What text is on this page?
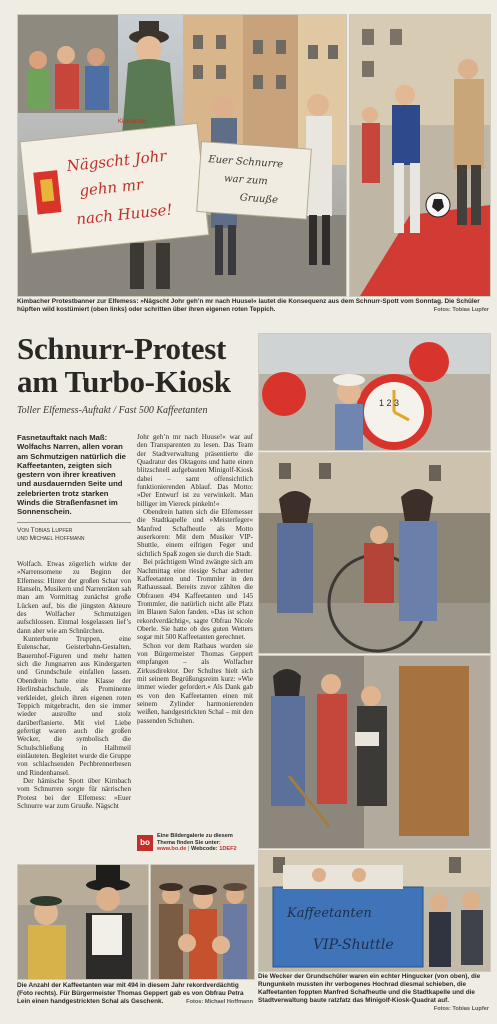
Nägscht Johr
gehn mr
nach Huuse!
Euer Schnurre
war zum
Gruuße
Kimbacher
Kimbacher Protestbanner zur Elfemess: »Nägscht Johr geh’n mr nach Huusel« lautet die Konsequenz aus dem Schnurr-Spott vom Sonntag. Die Schüler hüpften wild kostümiert (oben links) oder schritten über ihren eigenen roten Teppich.	Fotos: Tobias Lupfer
Schnurr-Protest
am Turbo-Kiosk
Toller Elfemess-Auftakt / Fast 500 Kaffeetanten
Fasnetauftakt nach Maß: Wolfachs Narren, allen voran am Schmutzigen natürlich die Kaffeetanten, zeigten sich gestern von ihrer kreativen und ausdauernden Seite und zelebrierten trotz starken Winds die Straßenfasnet im Sonnenschein.
Von Tobias Lupfer
und Michael Hoffmann

Wolfach. Etwas zögerlich wirkte der »Narrensomene zu Beginn der Elfemess: Hinter der großen Schar von Hanseln, Musikern und Narrenräten sah man am Vormittag zunächst große Lücken auf, bis die jüngsten Akteure des Wolfacher Schmutzigen aufschlossen. Einmal losgelassen lief’s dann aber wie am Schnürchen.

Kunterbunte Truppen, eine Eulenschar, Geisterbahn-Gestalten, Bauernhof-Figuren und mehr hatten sich die Jungnarren aus Kindergarten und Grundschule einfallen lassen. Obendrein hatte eine Klasse der Herlinsbachschule, als Prominente verkleidet, gleich ihren eigenen roten Teppich mitgebracht, den sie immer wieder ausrollte und stolz darüberflanierte. Mit viel Liebe gefertigt waren auch die großen Wecker, die symbolisch die Schulschließung in Halbmeil einläuteten. Begleitet wurde die Gruppe von schlachsenden Pechbrennerbesen und Rindenhansel.

Der hämische Spott über Kirnbach vom Schnurren sorgte für närrischen Protest bei der Elfemess: »Euer Schnurre war zum Gruuße. Nägscht

Johr geh’n mr nach Huuse!« war auf den Transparenten zu lesen. Das Team der Stadtverwaltung präsentierte die Quadratur des Oktagons und hatte einen blitzschnell aufgebauten Minigolf-Kiosk dabei – samt offensichtlich funktionierenden Ablauf. Das Motto: »Der Entwurf ist zu verwinkelt. Man billiger im Viereck pinkeln!«

Obendrein hatten sich die Elfemesser die Stadtkapelle und »Meisterfeger« Manfred Schafheutle als Motto auserkoren: Mit dem Musiker VIP-Shuttle, einem eifrigen Feger und sichtlich Spaß zogen sie durch die Stadt.

Bei prächtigem Wind zwängte sich am Nachmittag eine riesige Schar adretter Kaffeetanten und Trommler in den Rathaussaal. Bereits zuvor zählten die Obfrauen 494 Kaffeetanten und 145 Trommler, die natürlich nicht alle Platz im Blauen Salon fanden. »Das ist schon rekordverdächtig«, sagte Obfrau Nicole Oberle. Sie hatte ob des guten Wetters sogar mit 500 Kaffeetanten gerechnet.

Schon vor dem Rathaus wurden sie von Bürgermeister Thomas Geppert empfangen – als Wolfacher Zirkusdirektor. Der Schultes hielt sich mit seinem Begrüßungsreim kurz: »Wie immer wieder gefordert.« Als Dank gab es von den Kaffeetanten einen mit seinem Zylinder harmonierenden weißen, handgestrickten Schal – mit den passenden Schuhen.

bo
Eine Bildergalerie zu diesem
Thema finden Sie unter:
www.bo.de | Webcode: 1DEF2
1 2 3
Kaffeetanten
VIP-Shuttle
Die Wecker der Grundschüler waren ein echter Hingucker (von oben), die Rungunkeln mussten ihr verbogenes Hochrad diesmal schieben, die Kaffeetanten foppten Manfred Schafheutle und die Stadtkapelle und die Stadtverwaltung baute ratzfatz das Minigolf-Kiosk-Quadrat auf.
Fotos: Tobias Lupfer
Die Anzahl der Kaffeetanten war mit 494 in diesem Jahr rekordverdächtig (Foto rechts). Für Bürgermeister Thomas Geppert gab es von Obfrau Petra Lein einen handgestrickten Schal als Geschenk.	Fotos: Michael Hoffmann
